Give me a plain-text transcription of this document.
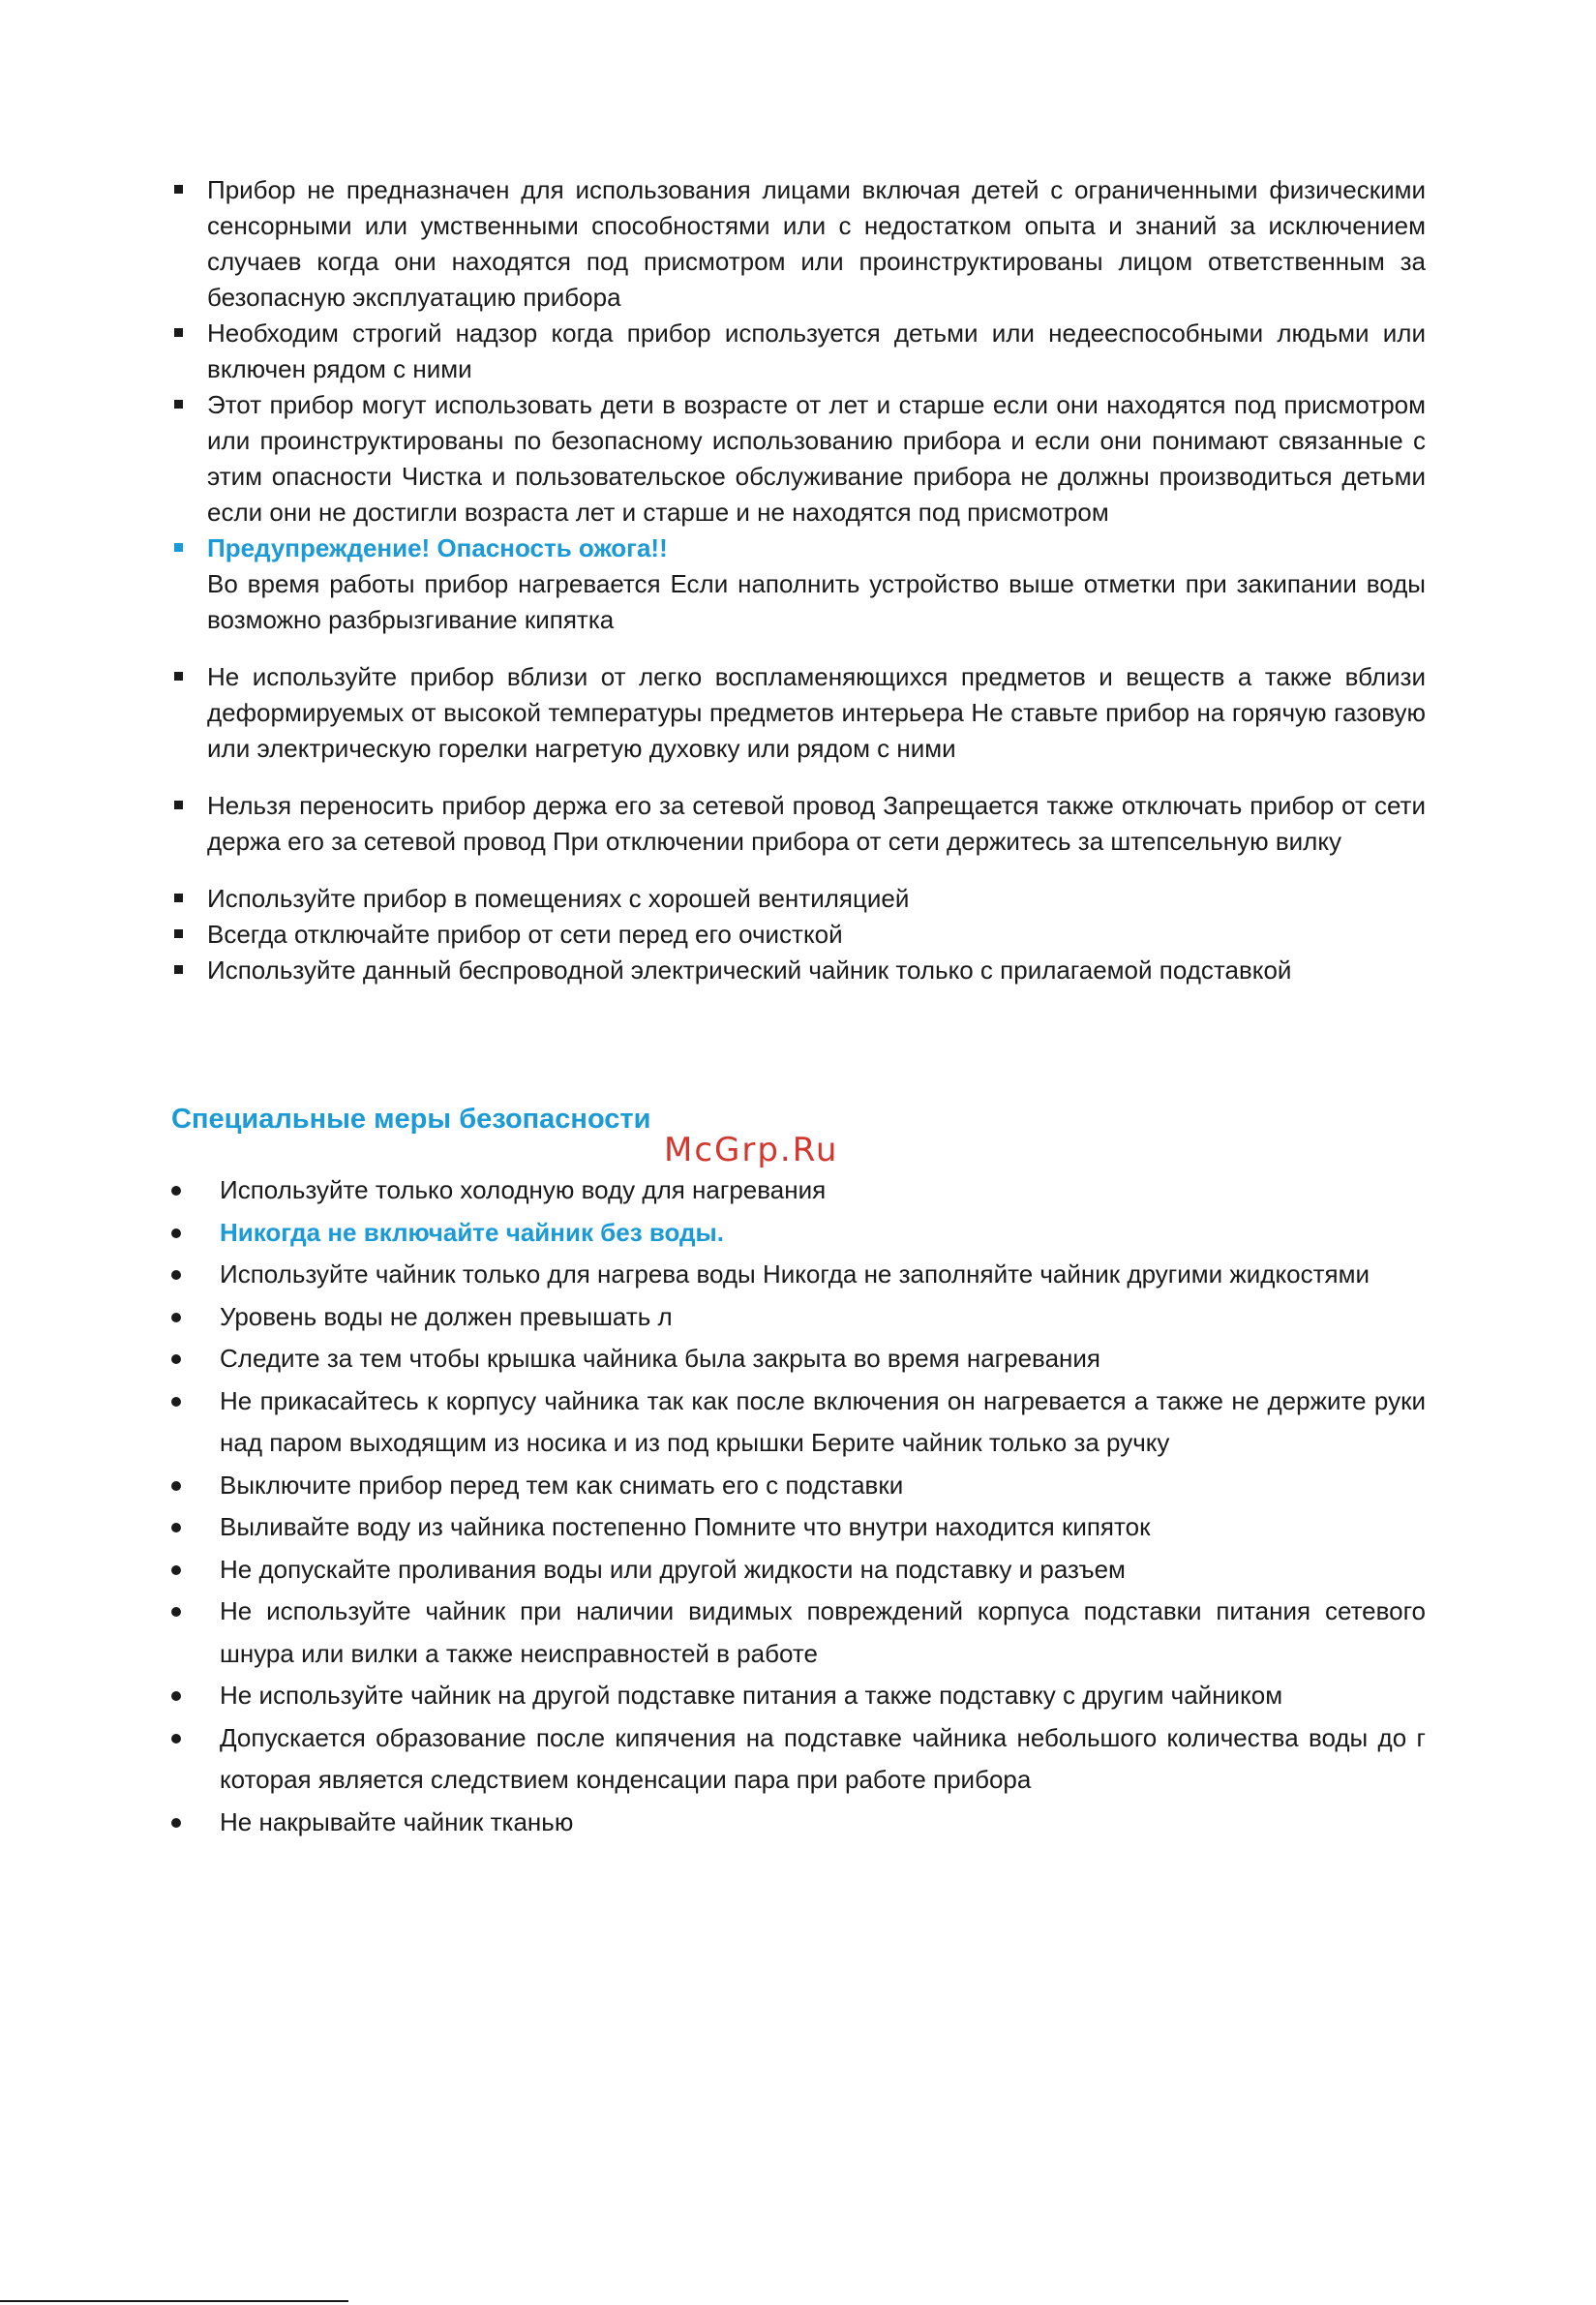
Прибор не предназначен для использования лицами включая детей с ограниченными физическими сенсорными или умственными способностями или с недостатком опыта и знаний за исключением случаев когда они находятся под присмотром или проинструктированы лицом ответственным за безопасную эксплуатацию прибора
Необходим строгий надзор когда прибор используется детьми или недееспособными людьми или включен рядом с ними
Этот прибор могут использовать дети в возрасте от лет и старше если они находятся под присмотром или проинструктированы по безопасному использованию прибора и если они понимают связанные с этим опасности Чистка и пользовательское обслуживание прибора не должны производиться детьми если они не достигли возраста лет и старше и не находятся под присмотром
Предупреждение! Опасность ожога!!
Во время работы прибор нагревается Если наполнить устройство выше отметки при закипании воды возможно разбрызгивание кипятка
Не используйте прибор вблизи от легко воспламеняющихся предметов и веществ а также вблизи деформируемых от высокой температуры предметов интерьера Не ставьте прибор на горячую газовую или электрическую горелки нагретую духовку или рядом с ними
Нельзя переносить прибор держа его за сетевой провод Запрещается также отключать прибор от сети держа его за сетевой провод При отключении прибора от сети держитесь за штепсельную вилку
Используйте прибор в помещениях с хорошей вентиляцией
Всегда отключайте прибор от сети перед его очисткой
Используйте данный беспроводной электрический чайник только с прилагаемой подставкой
Специальные меры безопасности
McGrp.Ru
Используйте только холодную воду для нагревания
Никогда не включайте чайник без воды.
Используйте чайник только для нагрева воды Никогда не заполняйте чайник другими жидкостями
Уровень воды не должен превышать л
Следите за тем чтобы крышка чайника была закрыта во время нагревания
Не прикасайтесь к корпусу чайника так как после включения он нагревается а также не держите руки над паром выходящим из носика и из под крышки Берите чайник только за ручку
Выключите прибор перед тем как снимать его с подставки
Выливайте воду из чайника постепенно Помните что внутри находится кипяток
Не допускайте проливания воды или другой жидкости на подставку и разъем
Не используйте чайник при наличии видимых повреждений корпуса подставки питания сетевого шнура или вилки а также неисправностей в работе
Не используйте чайник на другой подставке питания а также подставку с другим чайником
Допускается образование после кипячения на подставке чайника небольшого количества воды до г которая является следствием конденсации пара при работе прибора
Не накрывайте чайник тканью
